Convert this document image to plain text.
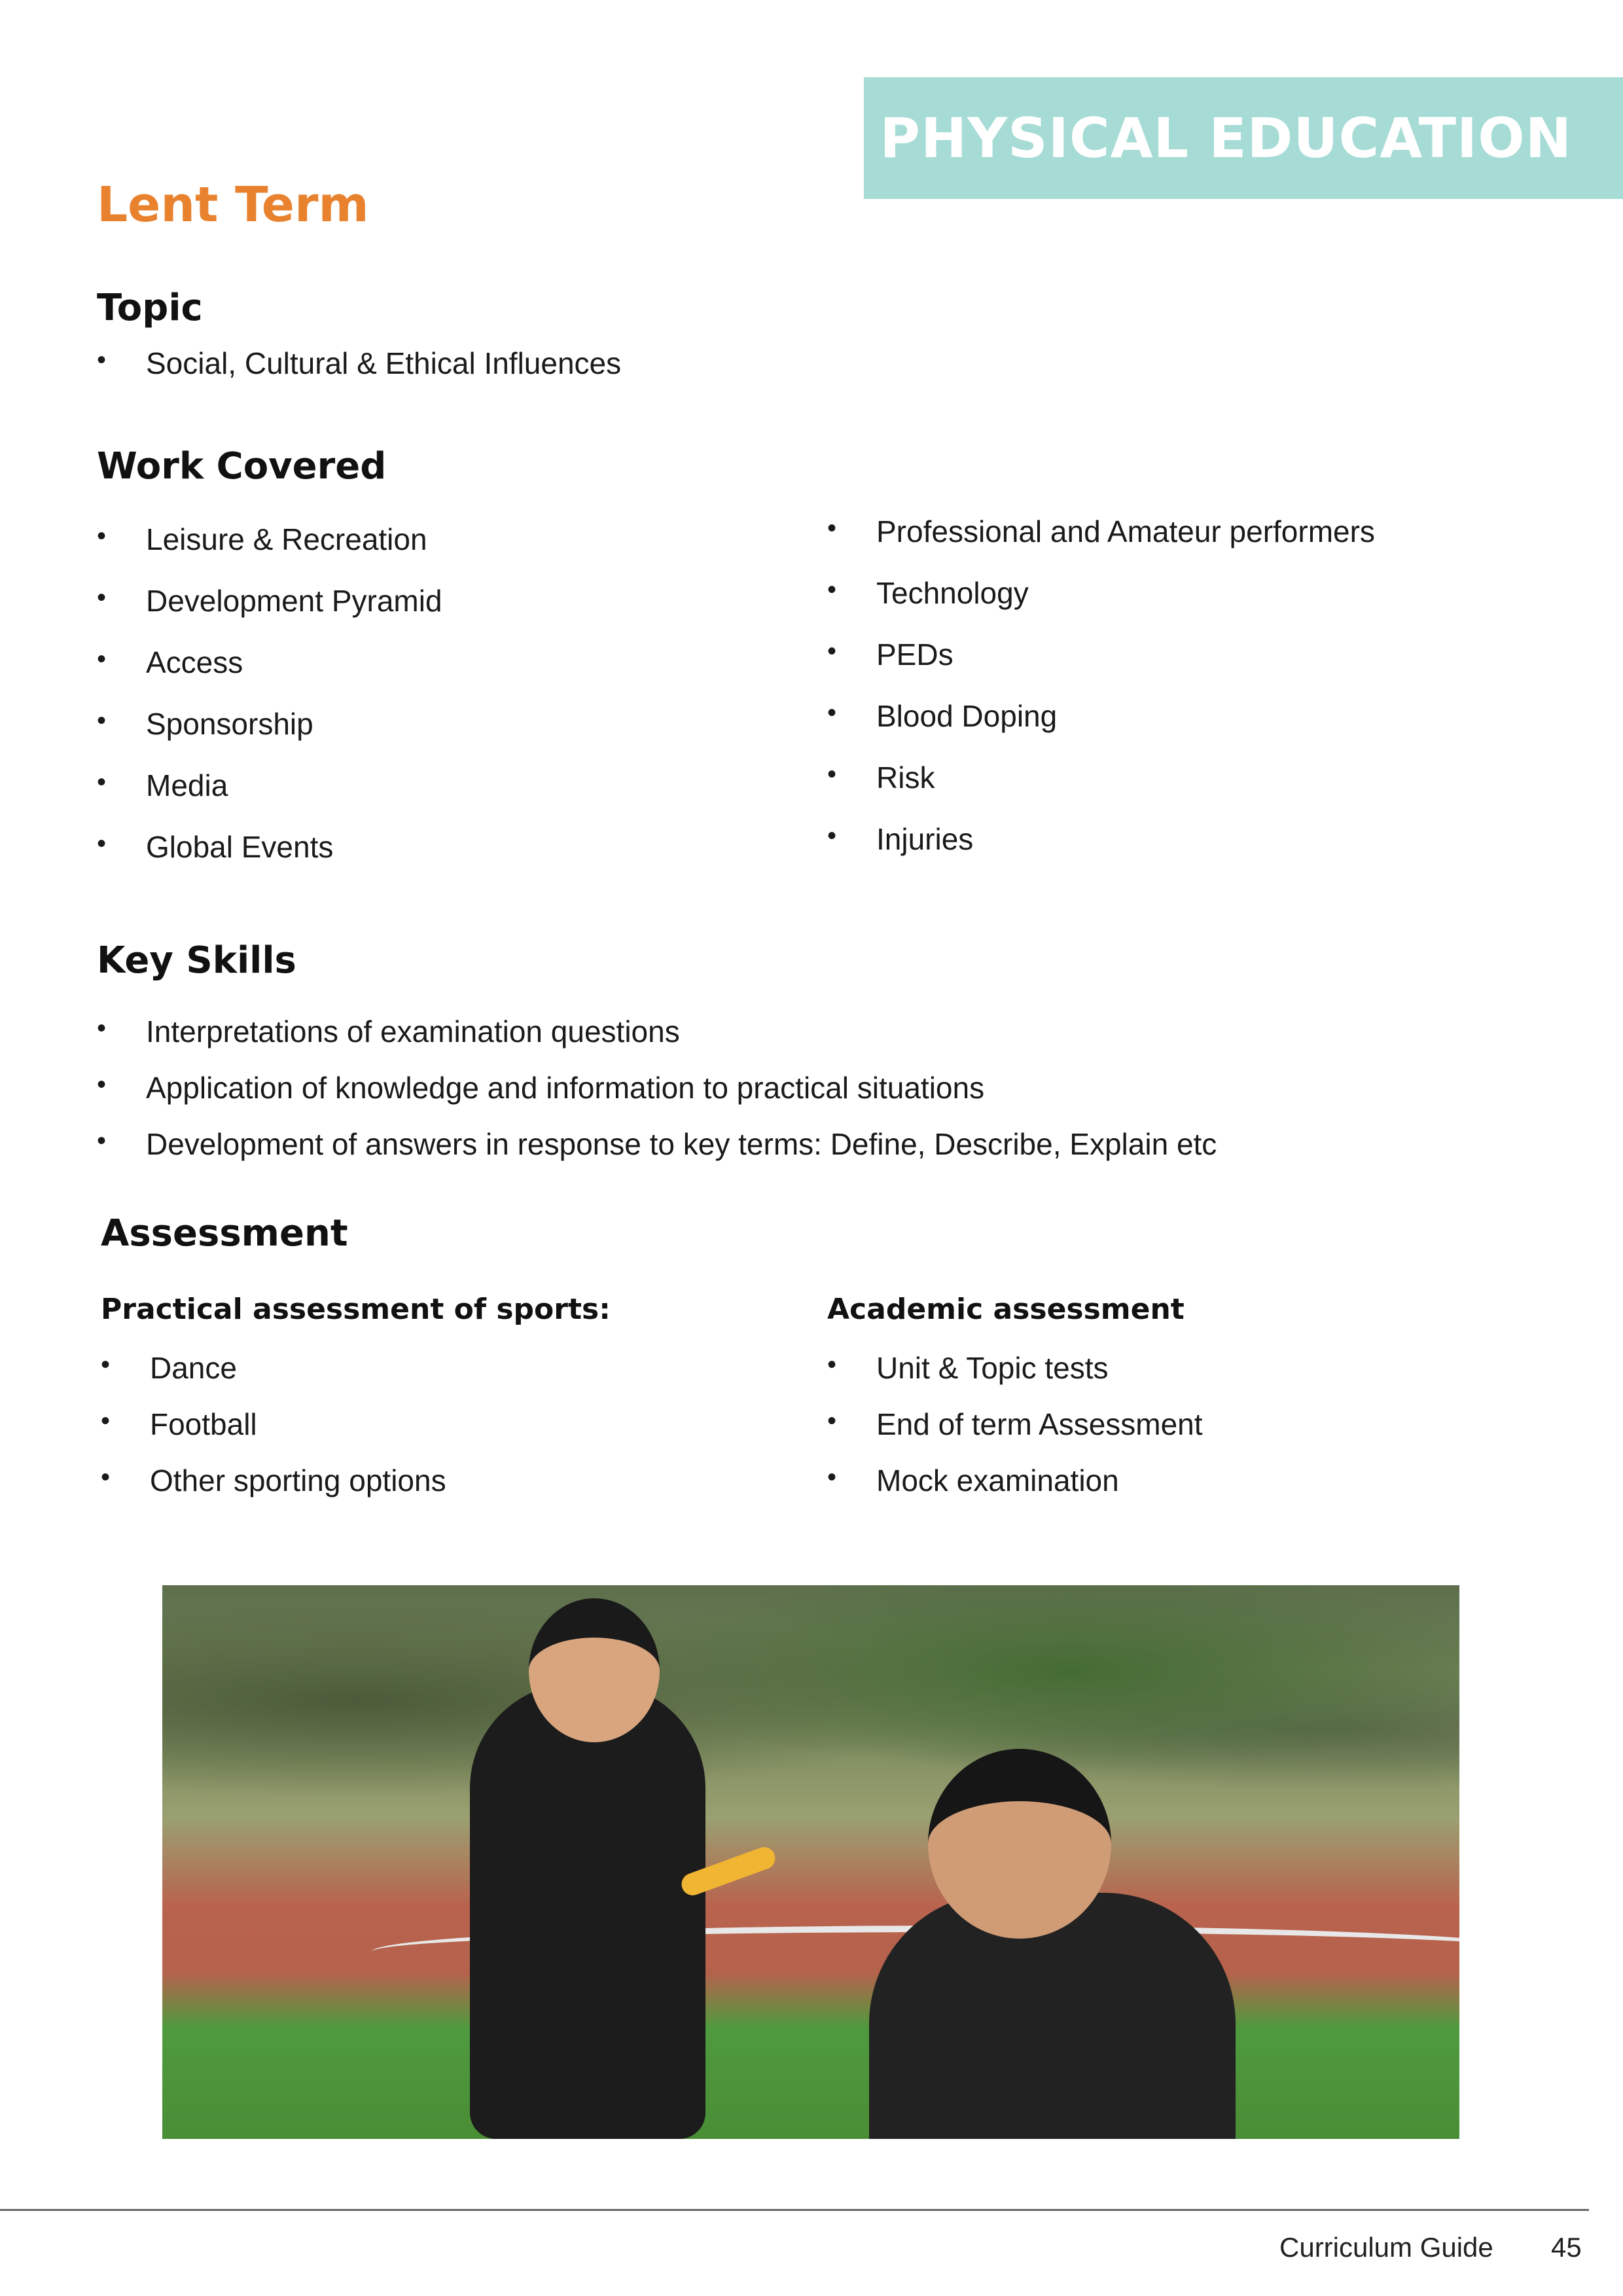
PHYSICAL EDUCATION
Lent Term
Topic
• Social, Cultural & Ethical Influences
Work Covered
• Leisure & Recreation
• Development Pyramid
• Access
• Sponsorship
• Media
• Global Events
• Professional and Amateur performers
• Technology
• PEDs
• Blood Doping
• Risk
• Injuries
Key Skills
• Interpretations of examination questions
• Application of knowledge and information to practical situations
• Development of answers in response to key terms: Define, Describe, Explain etc
Assessment
Practical assessment of sports:
• Dance
• Football
• Other sporting options
Academic assessment
• Unit & Topic tests
• End of term Assessment
• Mock examination
Curriculum Guide 45
